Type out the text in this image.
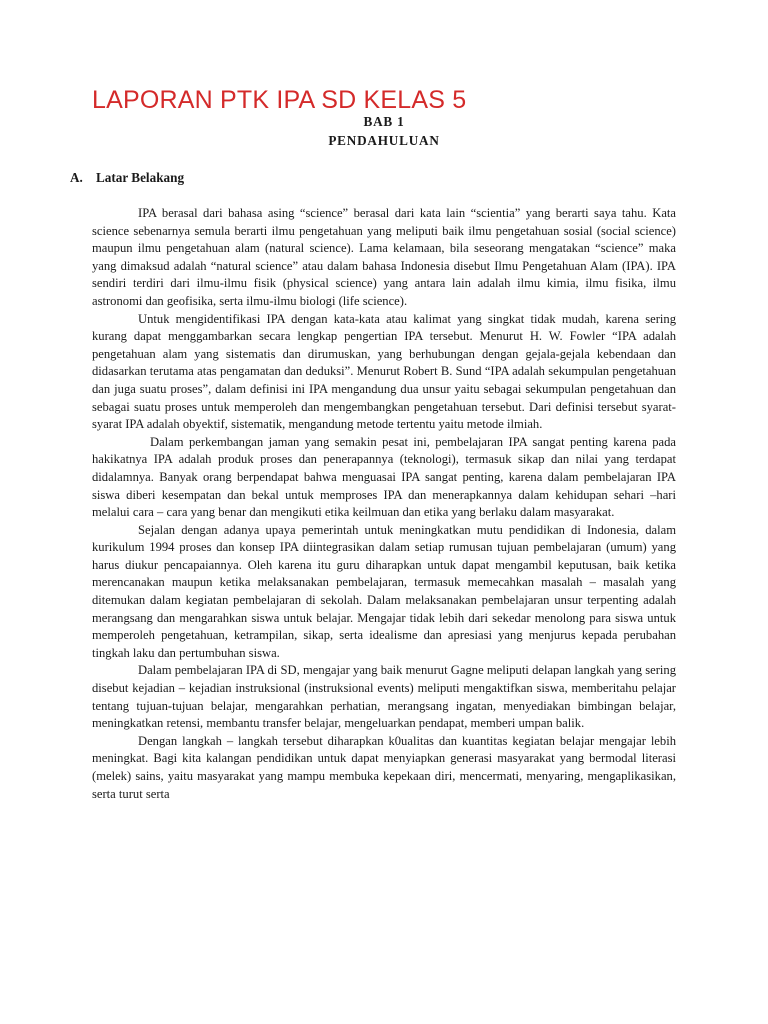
LAPORAN PTK IPA SD KELAS 5
BAB 1
PENDAHULUAN
A. Latar Belakang

IPA berasal dari bahasa asing “science” berasal dari kata lain “scientia” yang berarti saya tahu. Kata science sebenarnya semula berarti ilmu pengetahuan yang meliputi baik ilmu pengetahuan sosial (social science) maupun ilmu pengetahuan alam (natural science). Lama kelamaan, bila seseorang mengatakan “science” maka yang dimaksud adalah “natural science” atau dalam bahasa Indonesia disebut Ilmu Pengetahuan Alam (IPA). IPA sendiri terdiri dari ilmu-ilmu fisik (physical science) yang antara lain adalah ilmu kimia, ilmu fisika, ilmu astronomi dan geofisika, serta ilmu-ilmu biologi (life science).

Untuk mengidentifikasi IPA dengan kata-kata atau kalimat yang singkat tidak mudah, karena sering kurang dapat menggambarkan secara lengkap pengertian IPA tersebut. Menurut H. W. Fowler “IPA adalah pengetahuan alam yang sistematis dan dirumuskan, yang berhubungan dengan gejala-gejala kebendaan dan didasarkan terutama atas pengamatan dan deduksi”. Menurut Robert B. Sund “IPA adalah sekumpulan pengetahuan dan juga suatu proses”, dalam definisi ini IPA mengandung dua unsur yaitu sebagai sekumpulan pengetahuan dan sebagai suatu proses untuk memperoleh dan mengembangkan pengetahuan tersebut. Dari definisi tersebut syarat-syarat IPA adalah obyektif, sistematik, mengandung metode tertentu yaitu metode ilmiah.

Dalam perkembangan jaman yang semakin pesat ini, pembelajaran IPA sangat penting karena pada hakikatnya IPA adalah produk proses dan penerapannya (teknologi), termasuk sikap dan nilai yang terdapat didalamnya. Banyak orang berpendapat bahwa menguasai IPA sangat penting, karena dalam pembelajaran IPA siswa diberi kesempatan dan bekal untuk memproses IPA dan menerapkannya dalam kehidupan sehari –hari melalui cara – cara yang benar dan mengikuti etika keilmuan dan etika yang berlaku dalam masyarakat.

Sejalan dengan adanya upaya pemerintah untuk meningkatkan mutu pendidikan di Indonesia, dalam kurikulum 1994 proses dan konsep IPA diintegrasikan dalam setiap rumusan tujuan pembelajaran (umum) yang harus diukur pencapaiannya. Oleh karena itu guru diharapkan untuk dapat mengambil keputusan, baik ketika merencanakan maupun ketika melaksanakan pembelajaran, termasuk memecahkan masalah – masalah yang ditemukan dalam kegiatan pembelajaran di sekolah. Dalam melaksanakan pembelajaran unsur terpenting adalah merangsang dan mengarahkan siswa untuk belajar. Mengajar tidak lebih dari sekedar menolong para siswa untuk memperoleh pengetahuan, ketrampilan, sikap, serta idealisme dan apresiasi yang menjurus kepada perubahan tingkah laku dan pertumbuhan siswa.

Dalam pembelajaran IPA di SD, mengajar yang baik menurut Gagne meliputi delapan langkah yang sering disebut kejadian – kejadian instruksional (instruksional events) meliputi mengaktifkan siswa, memberitahu pelajar tentang tujuan-tujuan belajar, mengarahkan perhatian, merangsang ingatan, menyediakan bimbingan belajar, meningkatkan retensi, membantu transfer belajar, mengeluarkan pendapat, memberi umpan balik.

Dengan langkah – langkah tersebut diharapkan k0ualitas dan kuantitas kegiatan belajar mengajar lebih meningkat. Bagi kita kalangan pendidikan untuk dapat menyiapkan generasi masyarakat yang bermodal literasi (melek) sains, yaitu masyarakat yang mampu membuka kepekaan diri, mencermati, menyaring, mengaplikasikan, serta turut serta
